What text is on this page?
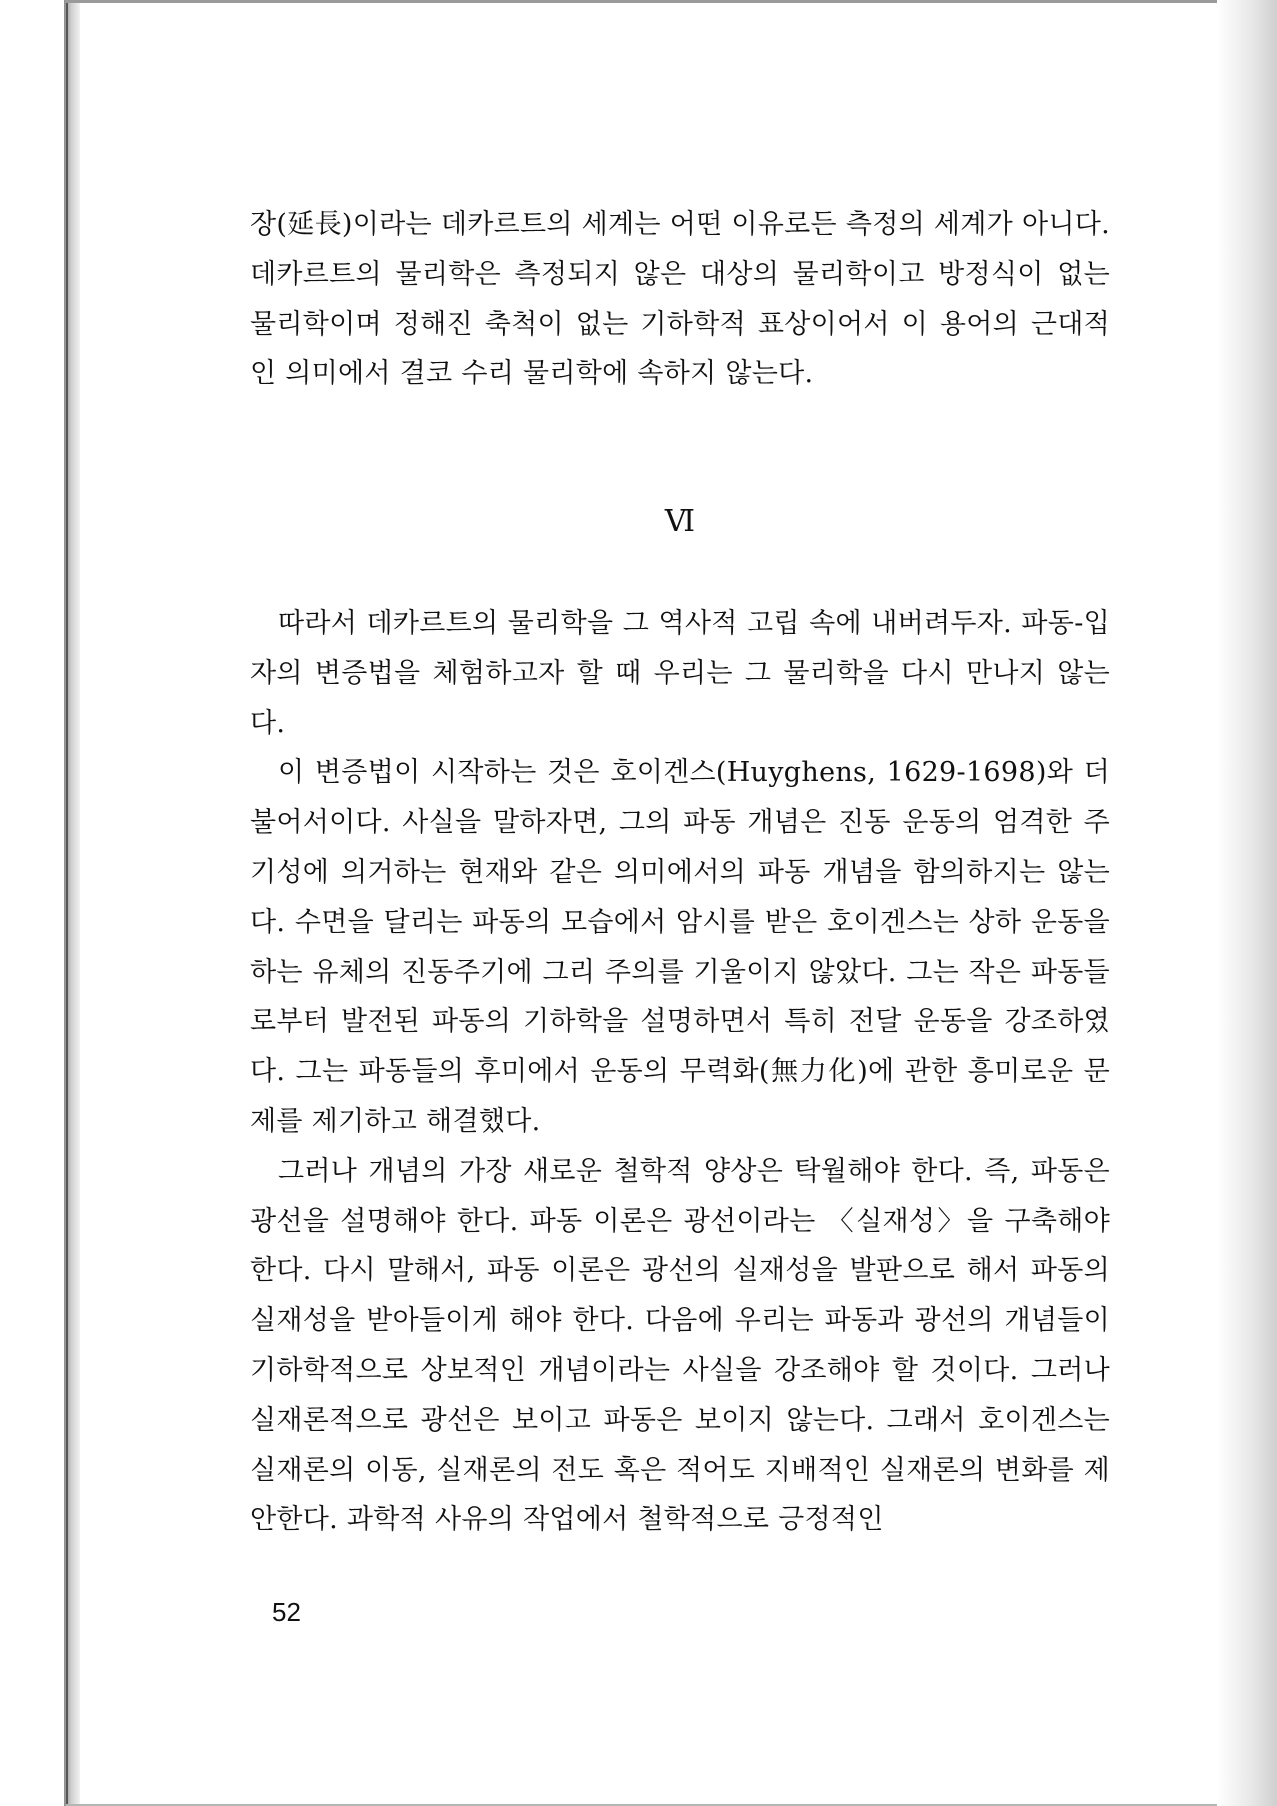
장(延長)이라는 데카르트의 세계는 어떤 이유로든 측정의 세계가 아니다. 데카르트의 물리학은 측정되지 않은 대상의 물리학이고 방정식이 없는 물리학이며 정해진 축척이 없는 기하학적 표상이어서 이 용어의 근대적인 의미에서 결코 수리 물리학에 속하지 않는다.

Ⅵ

따라서 데카르트의 물리학을 그 역사적 고립 속에 내버려두자. 파동-입자의 변증법을 체험하고자 할 때 우리는 그 물리학을 다시 만나지 않는다.

이 변증법이 시작하는 것은 호이겐스(Huyghens, 1629-1698)와 더불어서이다. 사실을 말하자면, 그의 파동 개념은 진동 운동의 엄격한 주기성에 의거하는 현재와 같은 의미에서의 파동 개념을 함의하지는 않는다. 수면을 달리는 파동의 모습에서 암시를 받은 호이겐스는 상하 운동을 하는 유체의 진동주기에 그리 주의를 기울이지 않았다. 그는 작은 파동들로부터 발전된 파동의 기하학을 설명하면서 특히 전달 운동을 강조하였다. 그는 파동들의 후미에서 운동의 무력화(無力化)에 관한 흥미로운 문제를 제기하고 해결했다.

그러나 개념의 가장 새로운 철학적 양상은 탁월해야 한다. 즉, 파동은 광선을 설명해야 한다. 파동 이론은 광선이라는 〈실재성〉을 구축해야 한다. 다시 말해서, 파동 이론은 광선의 실재성을 발판으로 해서 파동의 실재성을 받아들이게 해야 한다. 다음에 우리는 파동과 광선의 개념들이 기하학적으로 상보적인 개념이라는 사실을 강조해야 할 것이다. 그러나 실재론적으로 광선은 보이고 파동은 보이지 않는다. 그래서 호이겐스는 실재론의 이동, 실재론의 전도 혹은 적어도 지배적인 실재론의 변화를 제안한다. 과학적 사유의 작업에서 철학적으로 긍정적인

52
